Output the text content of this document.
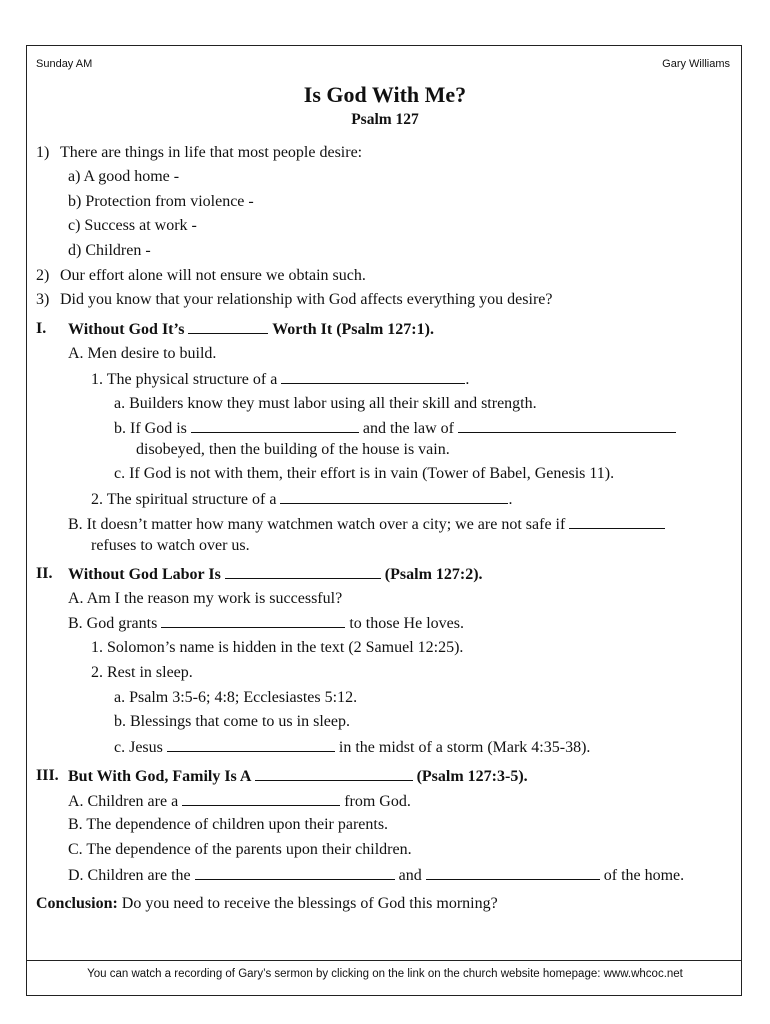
Sunday AM	Gary Williams
Is God With Me?
Psalm 127
1) There are things in life that most people desire:
a) A good home -
b) Protection from violence -
c) Success at work -
d) Children -
2) Our effort alone will not ensure we obtain such.
3) Did you know that your relationship with God affects everything you desire?
I. Without God It’s	Worth It (Psalm 127:1).
A. Men desire to build.
1. The physical structure of a	.
a. Builders know they must labor using all their skill and strength.
b. If God is	and the law of
disobeyed, then the building of the house is vain.
c. If God is not with them, their effort is in vain (Tower of Babel, Genesis 11).
2. The spiritual structure of a	.
B. It doesn’t matter how many watchmen watch over a city; we are not safe if
refuses to watch over us.
II. Without God Labor Is	(Psalm 127:2).
A. Am I the reason my work is successful?
B. God grants	to those He loves.
1. Solomon’s name is hidden in the text (2 Samuel 12:25).
2. Rest in sleep.
a. Psalm 3:5-6; 4:8; Ecclesiastes 5:12.
b. Blessings that come to us in sleep.
c. Jesus	in the midst of a storm (Mark 4:35-38).
III. But With God, Family Is A	(Psalm 127:3-5).
A. Children are a	from God.
B. The dependence of children upon their parents.
C. The dependence of the parents upon their children.
D. Children are the	and	of the home.
Conclusion: Do you need to receive the blessings of God this morning?
You can watch a recording of Gary’s sermon by clicking on the link on the church website homepage: www.whcoc.net
